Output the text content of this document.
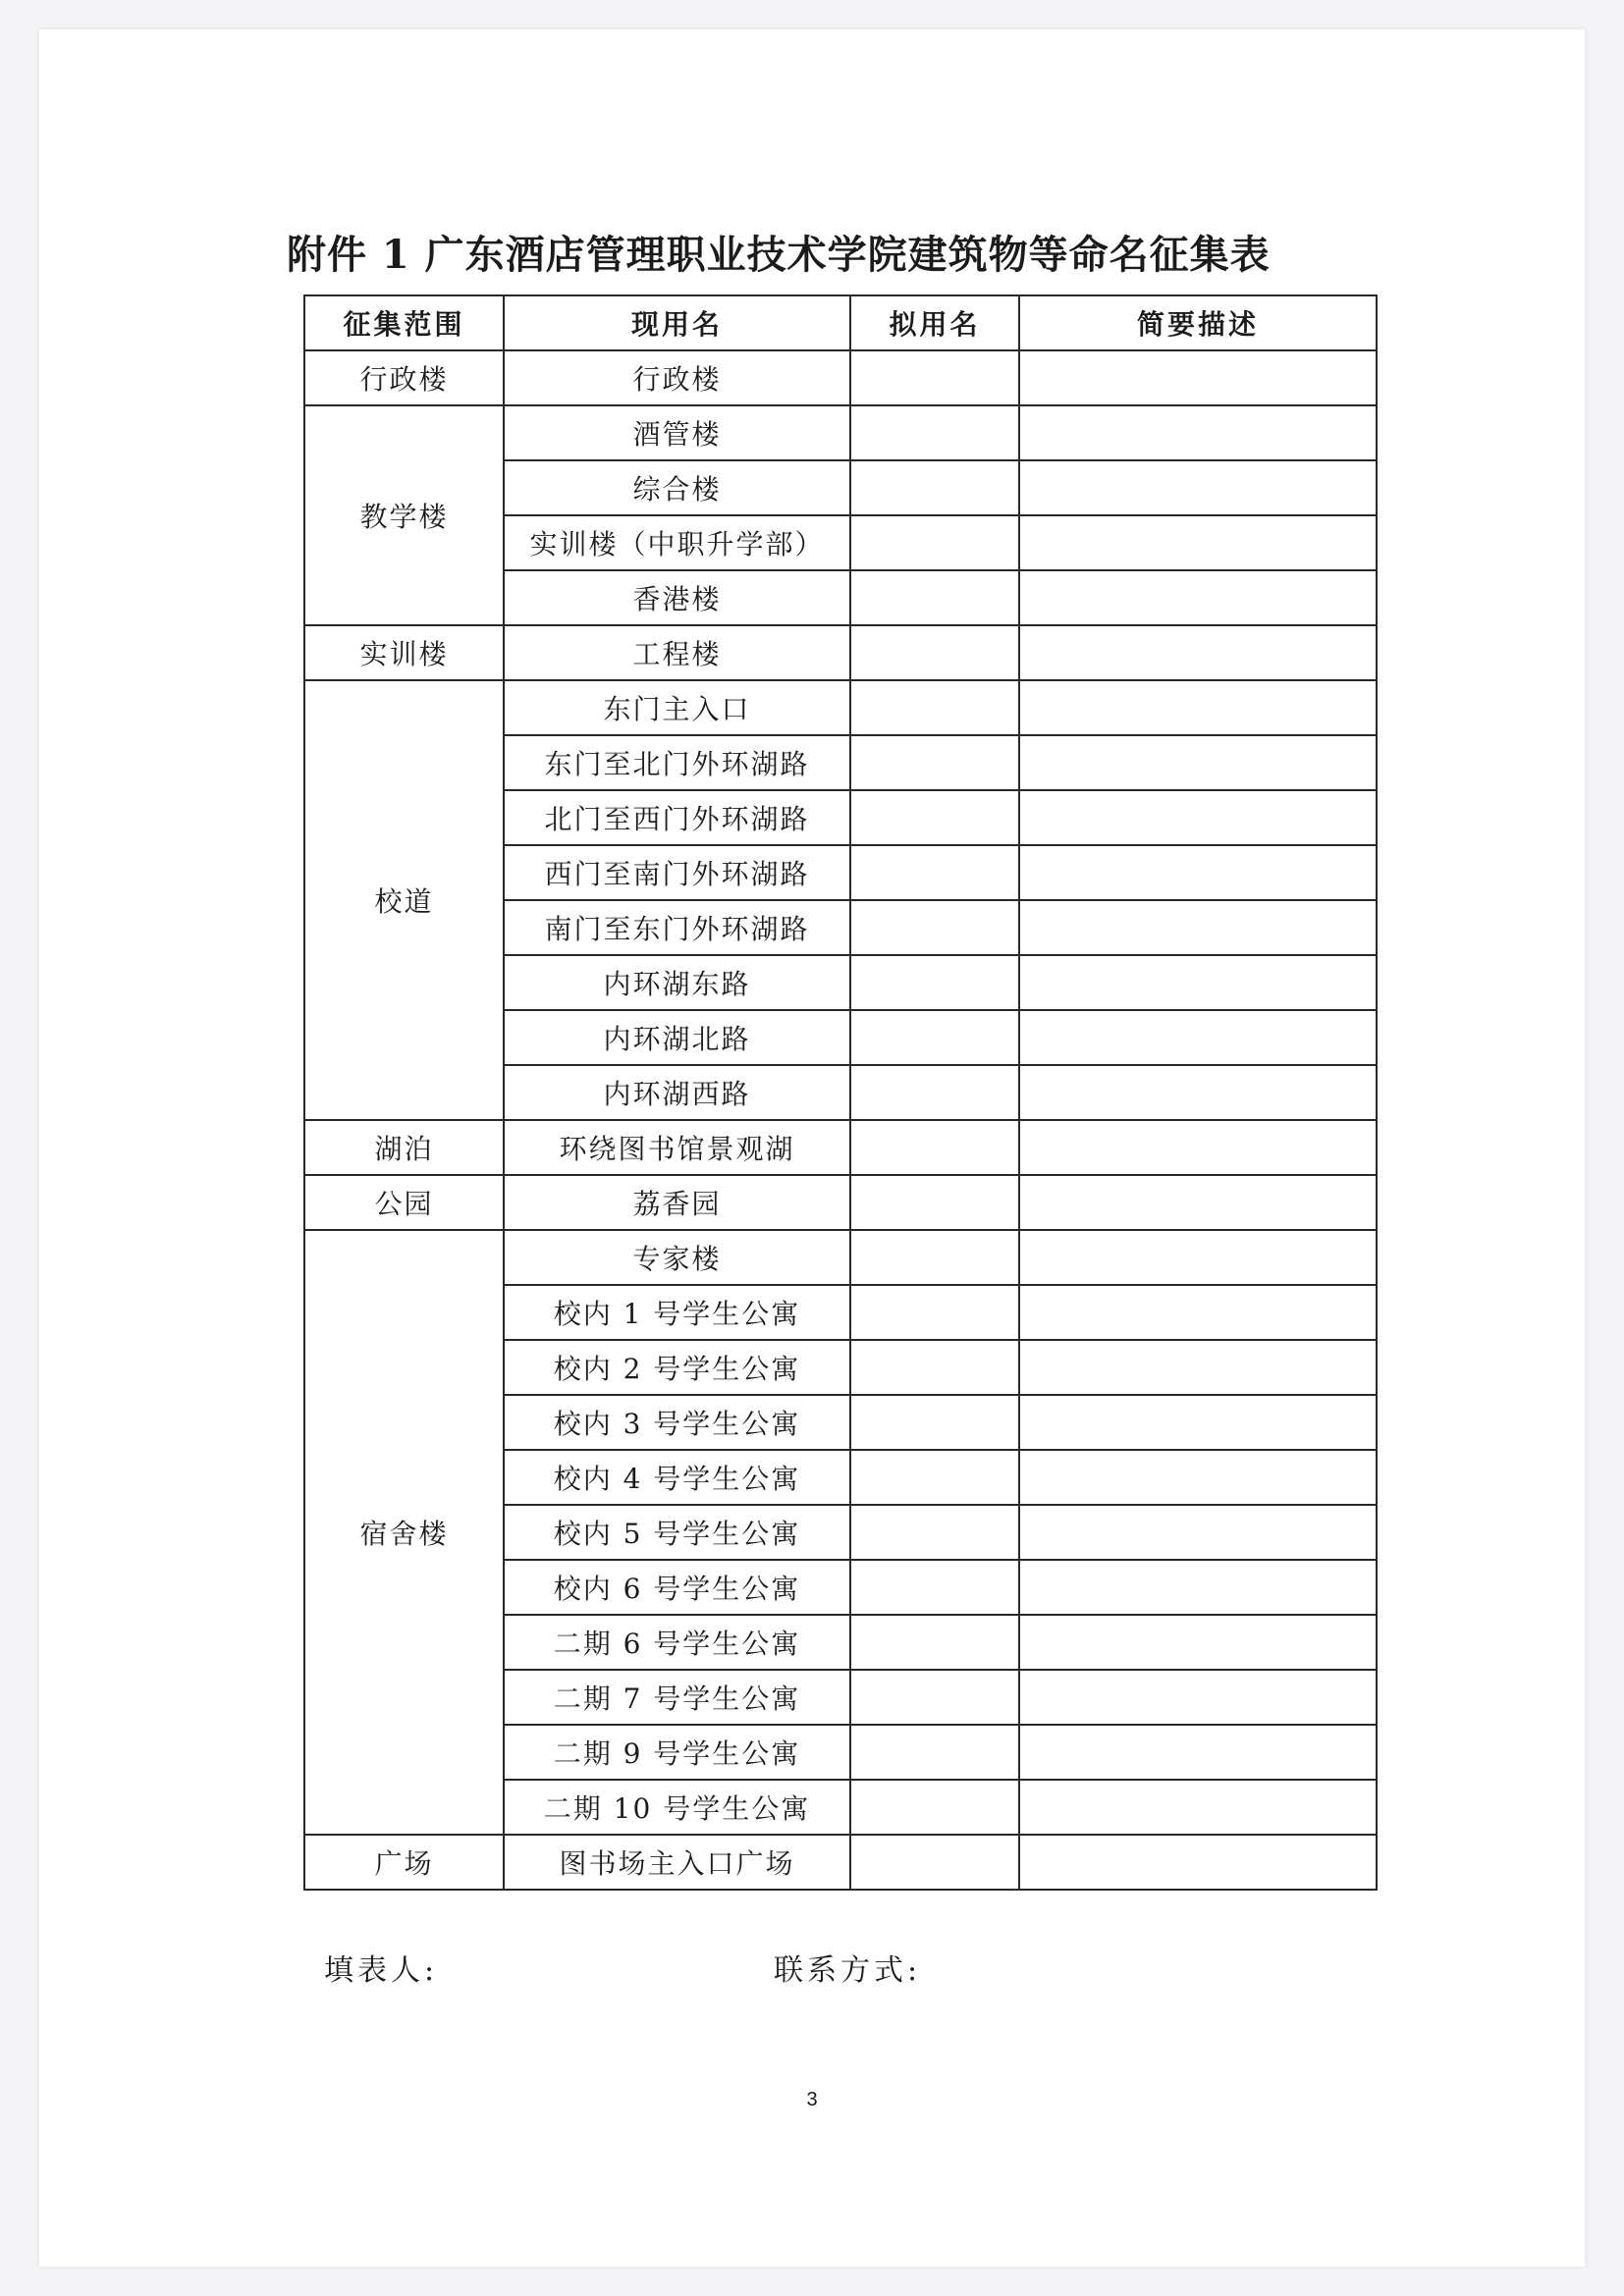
附件 1 广东酒店管理职业技术学院建筑物等命名征集表
征集范围	现用名	拟用名	简要描述
行政楼	行政楼		
教学楼	酒管楼		
	综合楼		
	实训楼（中职升学部）		
	香港楼		
实训楼	工程楼		
校道	东门主入口		
	东门至北门外环湖路		
	北门至西门外环湖路		
	西门至南门外环湖路		
	南门至东门外环湖路		
	内环湖东路		
	内环湖北路		
	内环湖西路		
湖泊	环绕图书馆景观湖		
公园	荔香园		
宿舍楼	专家楼		
	校内 1 号学生公寓		
	校内 2 号学生公寓		
	校内 3 号学生公寓		
	校内 4 号学生公寓		
	校内 5 号学生公寓		
	校内 6 号学生公寓		
	二期 6 号学生公寓		
	二期 7 号学生公寓		
	二期 9 号学生公寓		
	二期 10 号学生公寓		
广场	图书场主入口广场		
填表人:	联系方式:
3
